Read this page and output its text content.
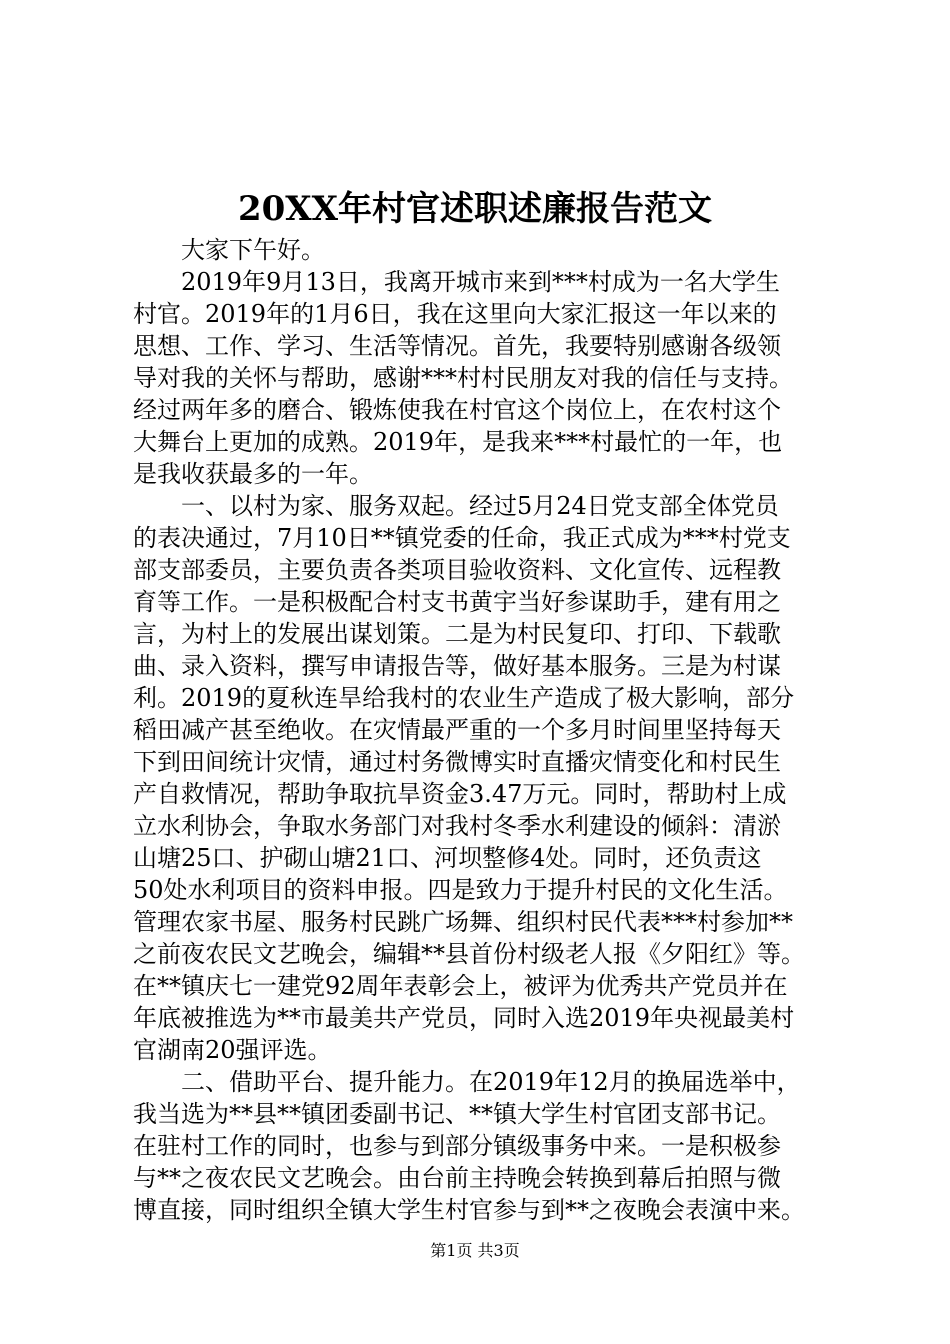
20XX年村官述职述廉报告范文
　　大家下午好。
　　2019年9月13日，我离开城市来到***村成为一名大学生
村官。2019年的1月6日，我在这里向大家汇报这一年以来的
思想、工作、学习、生活等情况。首先，我要特别感谢各级领
导对我的关怀与帮助，感谢***村村民朋友对我的信任与支持。
经过两年多的磨合、锻炼使我在村官这个岗位上，在农村这个
大舞台上更加的成熟。2019年，是我来***村最忙的一年，也
是我收获最多的一年。
　　一、以村为家、服务双起。经过5月24日党支部全体党员
的表决通过，7月10日**镇党委的任命，我正式成为***村党支
部支部委员，主要负责各类项目验收资料、文化宣传、远程教
育等工作。一是积极配合村支书黄宇当好参谋助手，建有用之
言，为村上的发展出谋划策。二是为村民复印、打印、下载歌
曲、录入资料，撰写申请报告等，做好基本服务。三是为村谋
利。2019的夏秋连旱给我村的农业生产造成了极大影响，部分
稻田减产甚至绝收。在灾情最严重的一个多月时间里坚持每天
下到田间统计灾情，通过村务微博实时直播灾情变化和村民生
产自救情况，帮助争取抗旱资金3.47万元。同时，帮助村上成
立水利协会，争取水务部门对我村冬季水利建设的倾斜：清淤
山塘25口、护砌山塘21口、河坝整修4处。同时，还负责这
50处水利项目的资料申报。四是致力于提升村民的文化生活。
管理农家书屋、服务村民跳广场舞、组织村民代表***村参加**
之前夜农民文艺晚会，编辑**县首份村级老人报《夕阳红》等。
在**镇庆七一建党92周年表彰会上，被评为优秀共产党员并在
年底被推选为**市最美共产党员，同时入选2019年央视最美村
官湖南20强评选。
　　二、借助平台、提升能力。在2019年12月的换届选举中，
我当选为**县**镇团委副书记、**镇大学生村官团支部书记。
在驻村工作的同时，也参与到部分镇级事务中来。一是积极参
与**之夜农民文艺晚会。由台前主持晚会转换到幕后拍照与微
博直接，同时组织全镇大学生村官参与到**之夜晚会表演中来。
第1页 共3页
